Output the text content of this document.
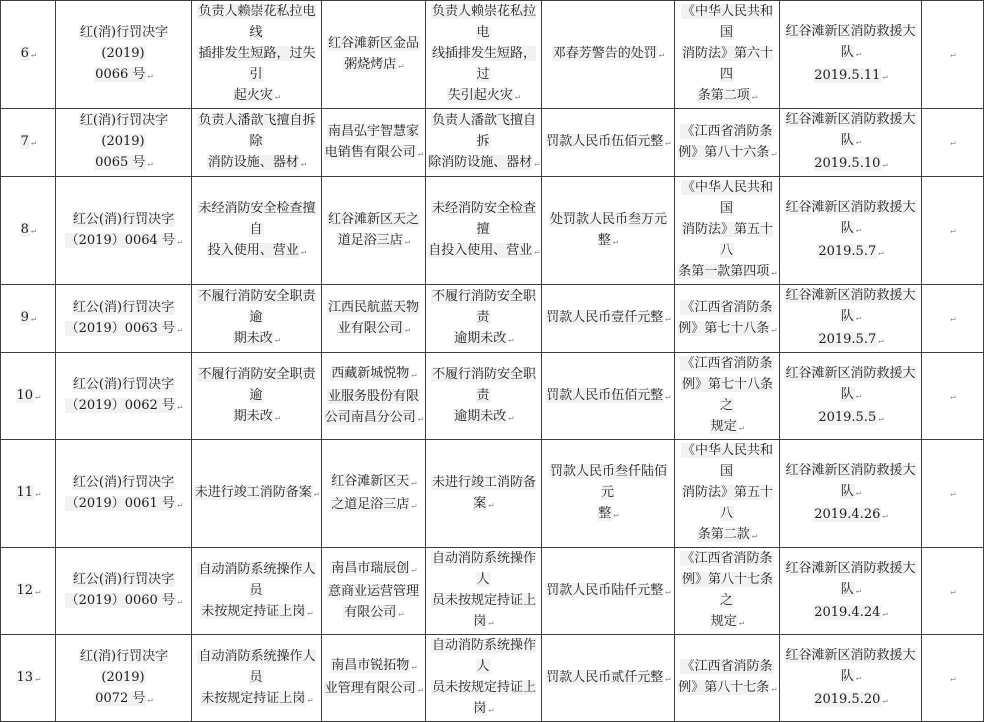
6 ↵	红(消)行罚决字(2019)
0066 号 ↵	负责人赖崇花私拉电线
插排发生短路，过失引
起火灾 ↵	红谷滩新区金品
粥烧烤店 ↵	负责人赖崇花私拉电
线插排发生短路，过
失引起火灾 ↵	邓春芳警告的处罚 ↵	《中华人民共和国
消防法》第六十四
条第二项 ↵	红谷滩新区消防救援大
队 ↵
2019.5.11 ↵	↵
7 ↵	红(消)行罚决字(2019)
0065 号 ↵	负责人潘歆飞擅自拆除
消防设施、器材 ↵	南昌弘宇智慧家
电销售有限公司 ↵	负责人潘歆飞擅自拆
除消防设施、器材 ↵	罚款人民币伍佰元整 ↵	《江西省消防条
例》第八十六条 ↵	红谷滩新区消防救援大
队 ↵
2019.5.10 ↵	↵
8 ↵	红公(消)行罚决字
（2019）0064 号 ↵	未经消防安全检查擅自
投入使用、营业 ↵	红谷滩新区天之
道足浴三店 ↵	未经消防安全检查擅
自投入使用、营业 ↵	处罚款人民币叁万元整 ↵	《中华人民共和国
消防法》第五十八
条第一款第四项 ↵	红谷滩新区消防救援大
队 ↵
2019.5.7 ↵	↵
9 ↵	红公(消)行罚决字
（2019）0063 号 ↵	不履行消防安全职责逾
期未改 ↵	江西民航蓝天物
业有限公司 ↵	不履行消防安全职责
逾期未改 ↵	罚款人民币壹仟元整 ↵	《江西省消防条
例》第七十八条 ↵	红谷滩新区消防救援大
队 ↵
2019.5.7 ↵	↵
10 ↵	红公(消)行罚决字
（2019）0062 号 ↵	不履行消防安全职责逾
期未改 ↵	西藏新城悦物 ↵
业服务股份有限
公司南昌分公司 ↵	不履行消防安全职责
逾期未改 ↵	罚款人民币伍佰元整 ↵	《江西省消防条
例》第七十八条之
规定 ↵	红谷滩新区消防救援大
队 ↵
2019.5.5 ↵	↵
11 ↵	红公(消)行罚决字
（2019）0061 号 ↵	未进行竣工消防备案 ↵	红谷滩新区天 ↵
之道足浴三店 ↵	未进行竣工消防备案 ↵	罚款人民币叁仟陆佰元
整 ↵	《中华人民共和国
消防法》第五十八
条第二款 ↵	红谷滩新区消防救援大
队 ↵
2019.4.26 ↵	↵
12 ↵	红公(消)行罚决字
（2019）0060 号 ↵	自动消防系统操作人员
未按规定持证上岗 ↵	南昌市瑞辰创 ↵
意商业运营管理
有限公司 ↵	自动消防系统操作人
员未按规定持证上岗 ↵	罚款人民币陆仟元整 ↵	《江西省消防条
例》第八十七条之
规定 ↵	红谷滩新区消防救援大
队 ↵
2019.4.24 ↵	↵
13 ↵	红(消)行罚决字(2019)
0072 号 ↵	自动消防系统操作人员
未按规定持证上岗 ↵	南昌市锐拓物 ↵
业管理有限公司 ↵	自动消防系统操作人
员未按规定持证上岗 ↵	罚款人民币贰仟元整 ↵	《江西省消防条
例》第八十七条 ↵	红谷滩新区消防救援大
队 ↵
2019.5.20 ↵	↵
